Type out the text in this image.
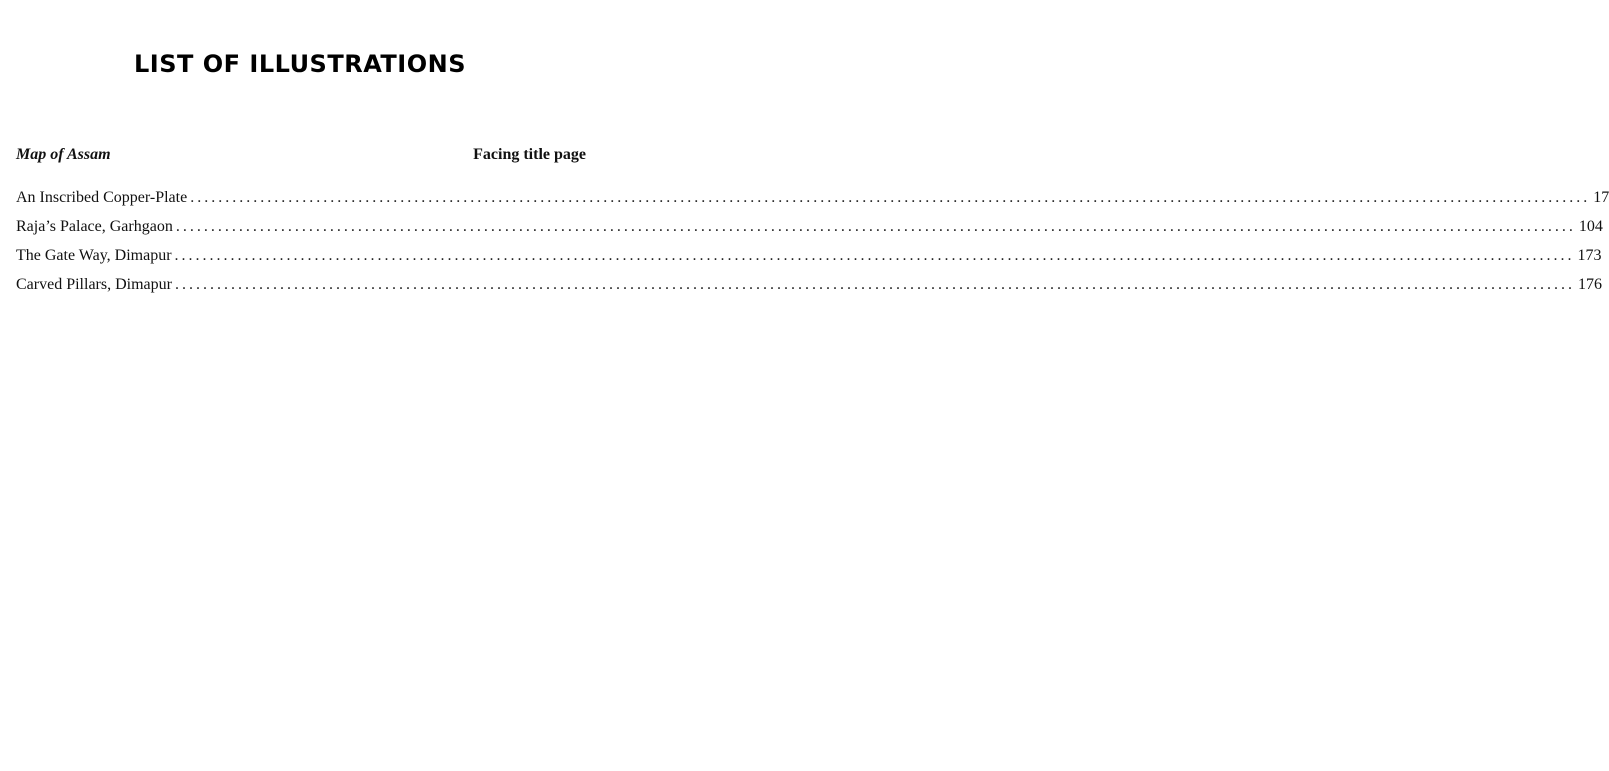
LIST OF ILLUSTRATIONS
Map of Assam	Facing title page
An Inscribed Copper-Plate ........................................................................................................................................................................................................ 17
Raja’s Palace, Garhgaon ........................................................................................................................................................................................................ 104
The Gate Way, Dimapur ........................................................................................................................................................................................................ 173
Carved Pillars, Dimapur ........................................................................................................................................................................................................ 176
